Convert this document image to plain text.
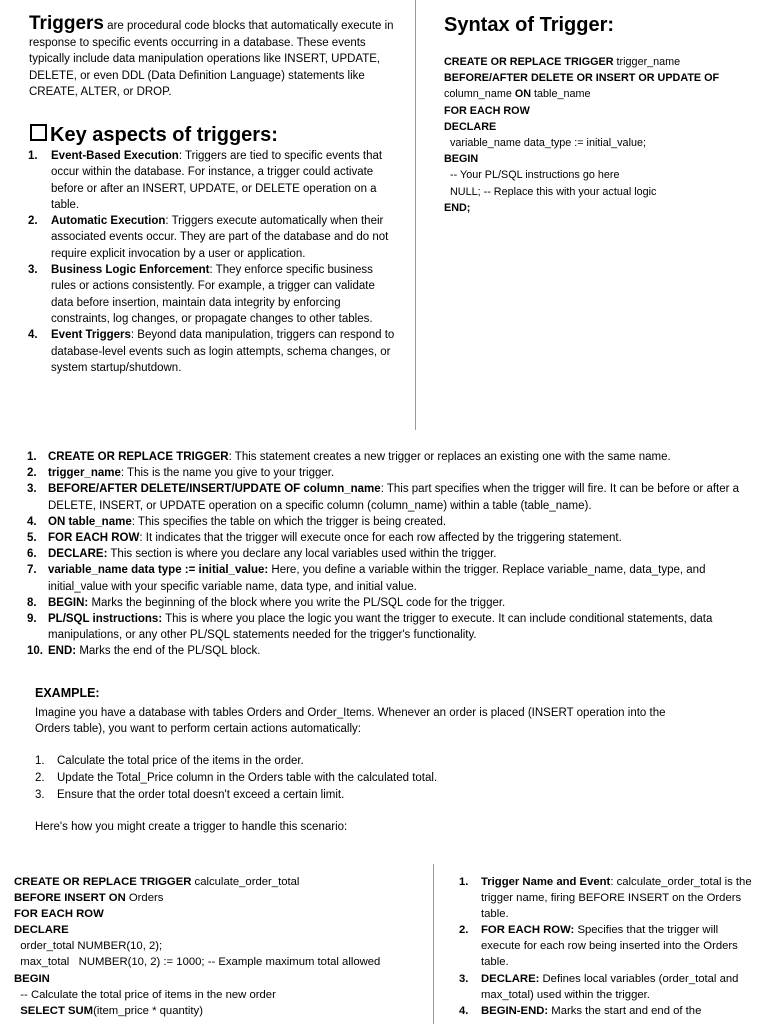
Triggers are procedural code blocks that automatically execute in response to specific events occurring in a database. These events typically include data manipulation operations like INSERT, UPDATE, DELETE, or even DDL (Data Definition Language) statements like CREATE, ALTER, or DROP.
Key aspects of triggers:
1. Event-Based Execution: Triggers are tied to specific events that occur within the database. For instance, a trigger could activate before or after an INSERT, UPDATE, or DELETE operation on a table.
2. Automatic Execution: Triggers execute automatically when their associated events occur. They are part of the database and do not require explicit invocation by a user or application.
3. Business Logic Enforcement: They enforce specific business rules or actions consistently. For example, a trigger can validate data before insertion, maintain data integrity by enforcing constraints, log changes, or propagate changes to other tables.
4. Event Triggers: Beyond data manipulation, triggers can respond to database-level events such as login attempts, schema changes, or system startup/shutdown.
Syntax of Trigger:
CREATE OR REPLACE TRIGGER trigger_name
BEFORE/AFTER DELETE OR INSERT OR UPDATE OF
column_name ON table_name
FOR EACH ROW
DECLARE
variable_name data_type := initial_value;
BEGIN
-- Your PL/SQL instructions go here
NULL; -- Replace this with your actual logic
END;
1. CREATE OR REPLACE TRIGGER: This statement creates a new trigger or replaces an existing one with the same name.
2. trigger_name: This is the name you give to your trigger.
3. BEFORE/AFTER DELETE/INSERT/UPDATE OF column_name: This part specifies when the trigger will fire. It can be before or after a DELETE, INSERT, or UPDATE operation on a specific column (column_name) within a table (table_name).
4. ON table_name: This specifies the table on which the trigger is being created.
5. FOR EACH ROW: It indicates that the trigger will execute once for each row affected by the triggering statement.
6. DECLARE: This section is where you declare any local variables used within the trigger.
7. variable_name data type := initial_value: Here, you define a variable within the trigger. Replace variable_name, data_type, and initial_value with your specific variable name, data type, and initial value.
8. BEGIN: Marks the beginning of the block where you write the PL/SQL code for the trigger.
9. PL/SQL instructions: This is where you place the logic you want the trigger to execute. It can include conditional statements, data manipulations, or any other PL/SQL statements needed for the trigger's functionality.
10. END: Marks the end of the PL/SQL block.
EXAMPLE:
Imagine you have a database with tables Orders and Order_Items. Whenever an order is placed (INSERT operation into the Orders table), you want to perform certain actions automatically:
1. Calculate the total price of the items in the order.
2. Update the Total_Price column in the Orders table with the calculated total.
3. Ensure that the order total doesn't exceed a certain limit.
Here's how you might create a trigger to handle this scenario:
CREATE OR REPLACE TRIGGER calculate_order_total
BEFORE INSERT ON Orders
FOR EACH ROW
DECLARE
order_total NUMBER(10, 2);
max_total   NUMBER(10, 2) := 1000; -- Example maximum total allowed
BEGIN
-- Calculate the total price of items in the new order
SELECT SUM(item_price * quantity)
1. Trigger Name and Event: calculate_order_total is the trigger name, firing BEFORE INSERT on the Orders table.
2. FOR EACH ROW: Specifies that the trigger will execute for each row being inserted into the Orders table.
3. DECLARE: Defines local variables (order_total and max_total) used within the trigger.
4. BEGIN-END: Marks the start and end of the
